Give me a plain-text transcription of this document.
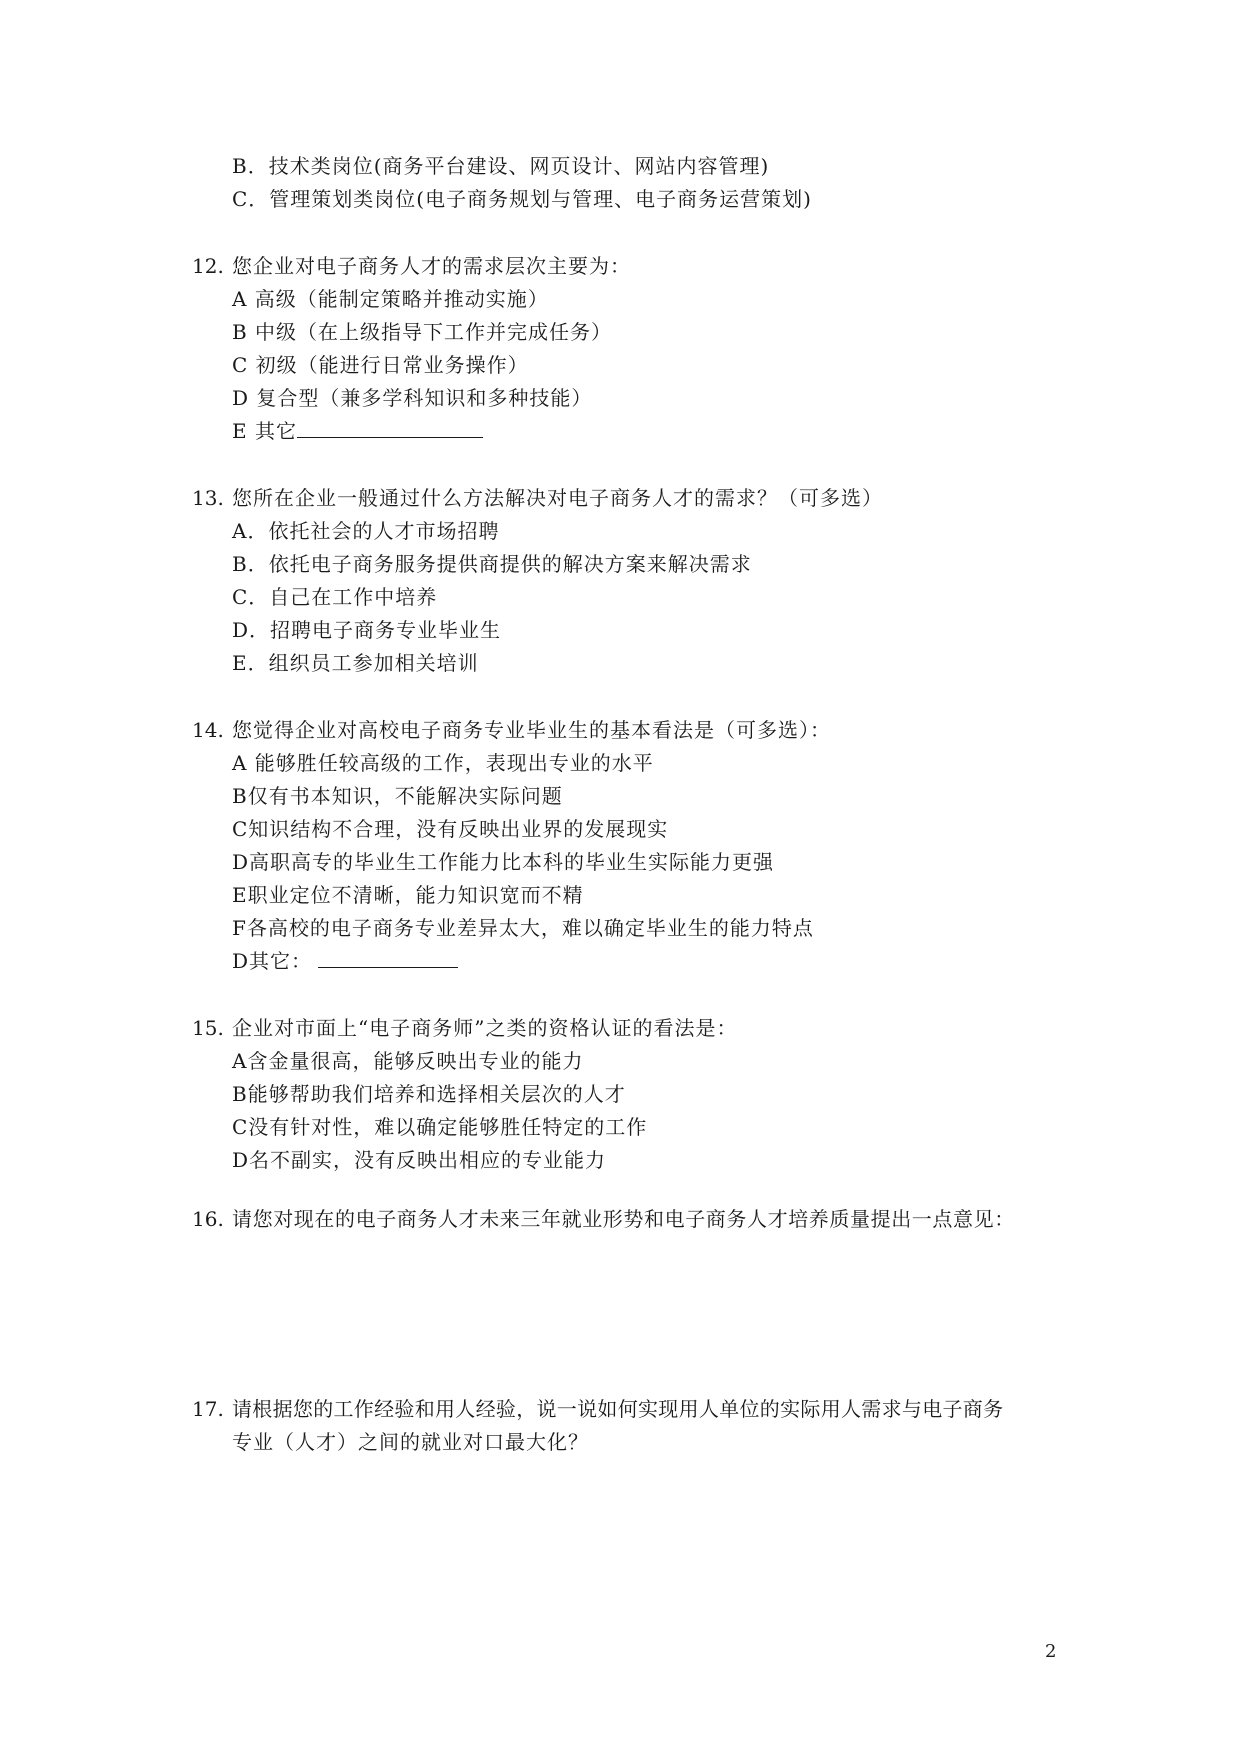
B．技术类岗位(商务平台建设、网页设计、网站内容管理)
C．管理策划类岗位(电子商务规划与管理、电子商务运营策划)
12. 您企业对电子商务人才的需求层次主要为：
A 高级（能制定策略并推动实施）
B 中级（在上级指导下工作并完成任务）
C 初级（能进行日常业务操作）
D 复合型（兼多学科知识和多种技能）
E 其它
13. 您所在企业一般通过什么方法解决对电子商务人才的需求？（可多选）
A．依托社会的人才市场招聘
B．依托电子商务服务提供商提供的解决方案来解决需求
C．自己在工作中培养
D．招聘电子商务专业毕业生
E．组织员工参加相关培训
14. 您觉得企业对高校电子商务专业毕业生的基本看法是（可多选）：
A 能够胜任较高级的工作，表现出专业的水平
B仅有书本知识，不能解决实际问题
C知识结构不合理，没有反映出业界的发展现实
D高职高专的毕业生工作能力比本科的毕业生实际能力更强
E职业定位不清晰，能力知识宽而不精
F各高校的电子商务专业差异太大，难以确定毕业生的能力特点
D其它：
15. 企业对市面上“电子商务师”之类的资格认证的看法是：
A含金量很高，能够反映出专业的能力
B能够帮助我们培养和选择相关层次的人才
C没有针对性，难以确定能够胜任特定的工作
D名不副实，没有反映出相应的专业能力
16. 请您对现在的电子商务人才未来三年就业形势和电子商务人才培养质量提出一点意见：
17. 请根据您的工作经验和用人经验，说一说如何实现用人单位的实际用人需求与电子商务
专业（人才）之间的就业对口最大化？
2
